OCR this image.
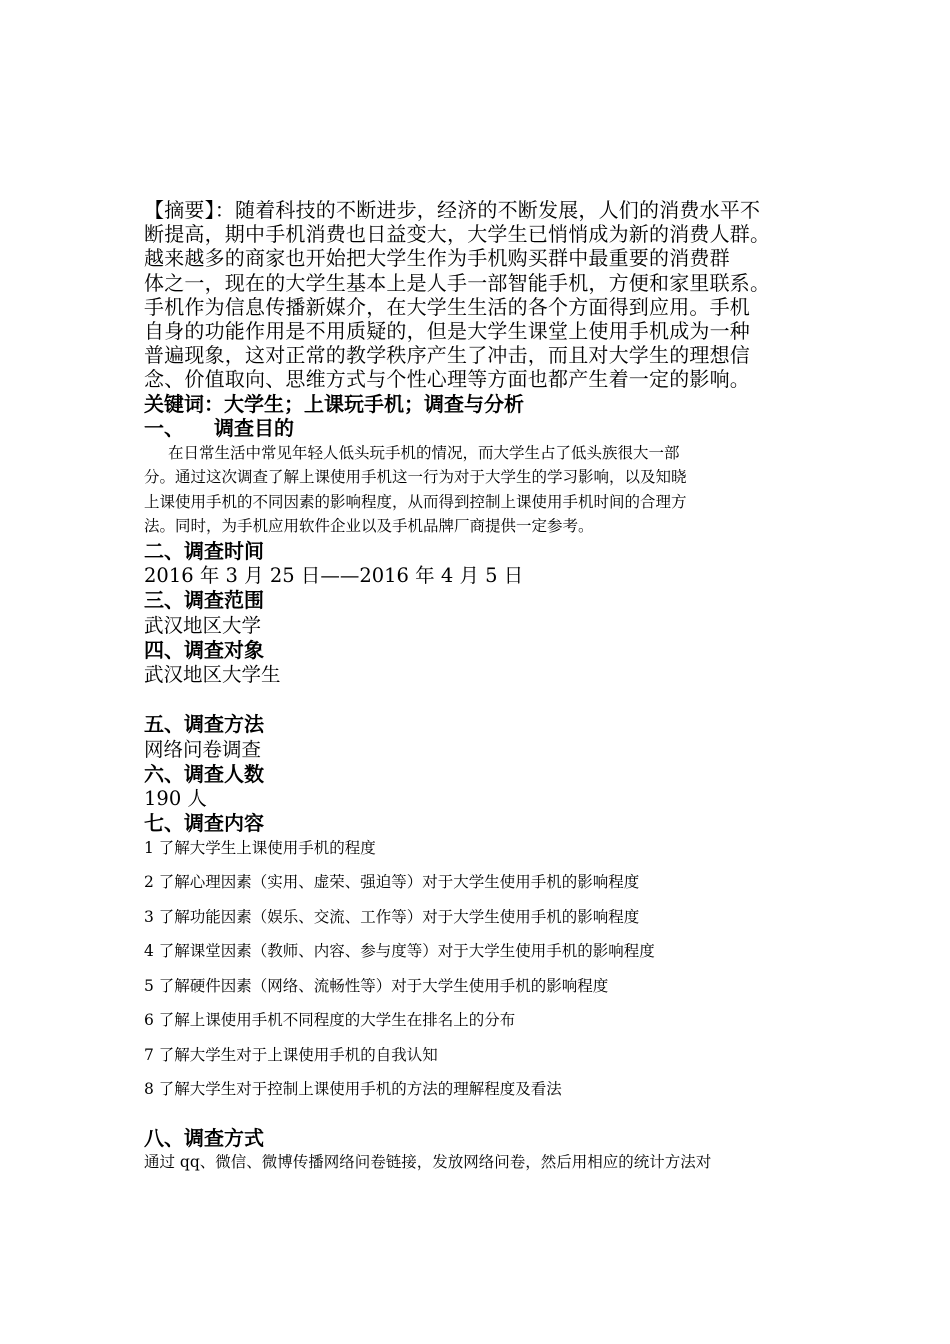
【摘要】：随着科技的不断进步，经济的不断发展，人们的消费水平不
断提高，期中手机消费也日益变大，大学生已悄悄成为新的消费人群。
越来越多的商家也开始把大学生作为手机购买群中最重要的消费群
体之一，现在的大学生基本上是人手一部智能手机，方便和家里联系。
手机作为信息传播新媒介，在大学生生活的各个方面得到应用。手机
自身的功能作用是不用质疑的，但是大学生课堂上使用手机成为一种
普遍现象，这对正常的教学秩序产生了冲击，而且对大学生的理想信
念、价值取向、思维方式与个性心理等方面也都产生着一定的影响。
关键词：大学生；上课玩手机；调查与分析
一、 调查目的
在日常生活中常见年轻人低头玩手机的情况，而大学生占了低头族很大一部
分。通过这次调查了解上课使用手机这一行为对于大学生的学习影响，以及知晓
上课使用手机的不同因素的影响程度，从而得到控制上课使用手机时间的合理方
法。同时，为手机应用软件企业以及手机品牌厂商提供一定参考。
二、调查时间
2016 年 3 月 25 日——2016 年 4 月 5 日
三、调查范围
武汉地区大学
四、调查对象
武汉地区大学生
五、调查方法
网络问卷调查
六、调查人数
190 人
七、调查内容
1 了解大学生上课使用手机的程度
2 了解心理因素（实用、虚荣、强迫等）对于大学生使用手机的影响程度
3 了解功能因素（娱乐、交流、工作等）对于大学生使用手机的影响程度
4 了解课堂因素（教师、内容、参与度等）对于大学生使用手机的影响程度
5 了解硬件因素（网络、流畅性等）对于大学生使用手机的影响程度
6 了解上课使用手机不同程度的大学生在排名上的分布
7 了解大学生对于上课使用手机的自我认知
8 了解大学生对于控制上课使用手机的方法的理解程度及看法
八、调查方式
通过 qq、微信、微博传播网络问卷链接，发放网络问卷，然后用相应的统计方法对
